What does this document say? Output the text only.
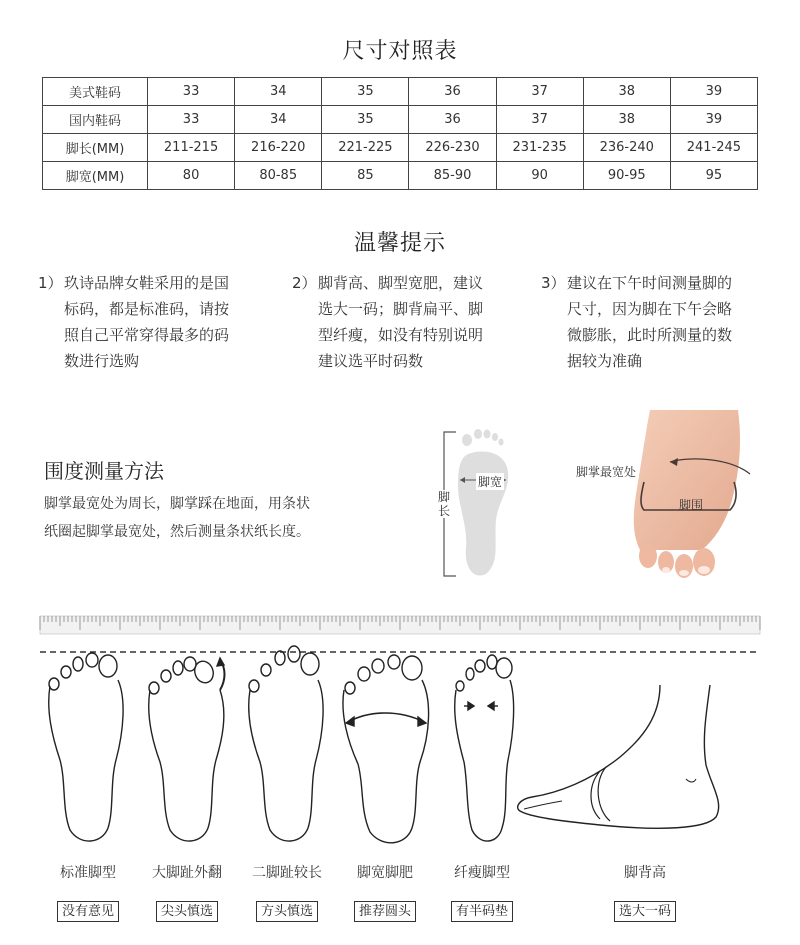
尺寸对照表
美式鞋码	33	34	35	36	37	38	39
国内鞋码	33	34	35	36	37	38	39
脚长(MM)	211-215	216-220	221-225	226-230	231-235	236-240	241-245
脚宽(MM)	80	80-85	85	85-90	90	90-95	95
温馨提示
1） 玖诗品牌女鞋采用的是国
标码，都是标准码，请按
照自己平常穿得最多的码
数进行选购
2） 脚背高、脚型宽肥，建议
选大一码；脚背扁平、脚
型纤瘦，如没有特别说明
建议选平时码数
3） 建议在下午时间测量脚的
尺寸，因为脚在下午会略
微膨胀，此时所测量的数
据较为准确
围度测量方法
脚掌最宽处为周长，脚掌踩在地面，用条状
纸圈起脚掌最宽处，然后测量条状纸长度。
脚宽
脚长
脚掌最宽处
脚围
标准脚型
没有意见
大脚趾外翻
尖头慎选
二脚趾较长
方头慎选
脚宽脚肥
推荐圆头
纤瘦脚型
有半码垫
脚背高
选大一码
